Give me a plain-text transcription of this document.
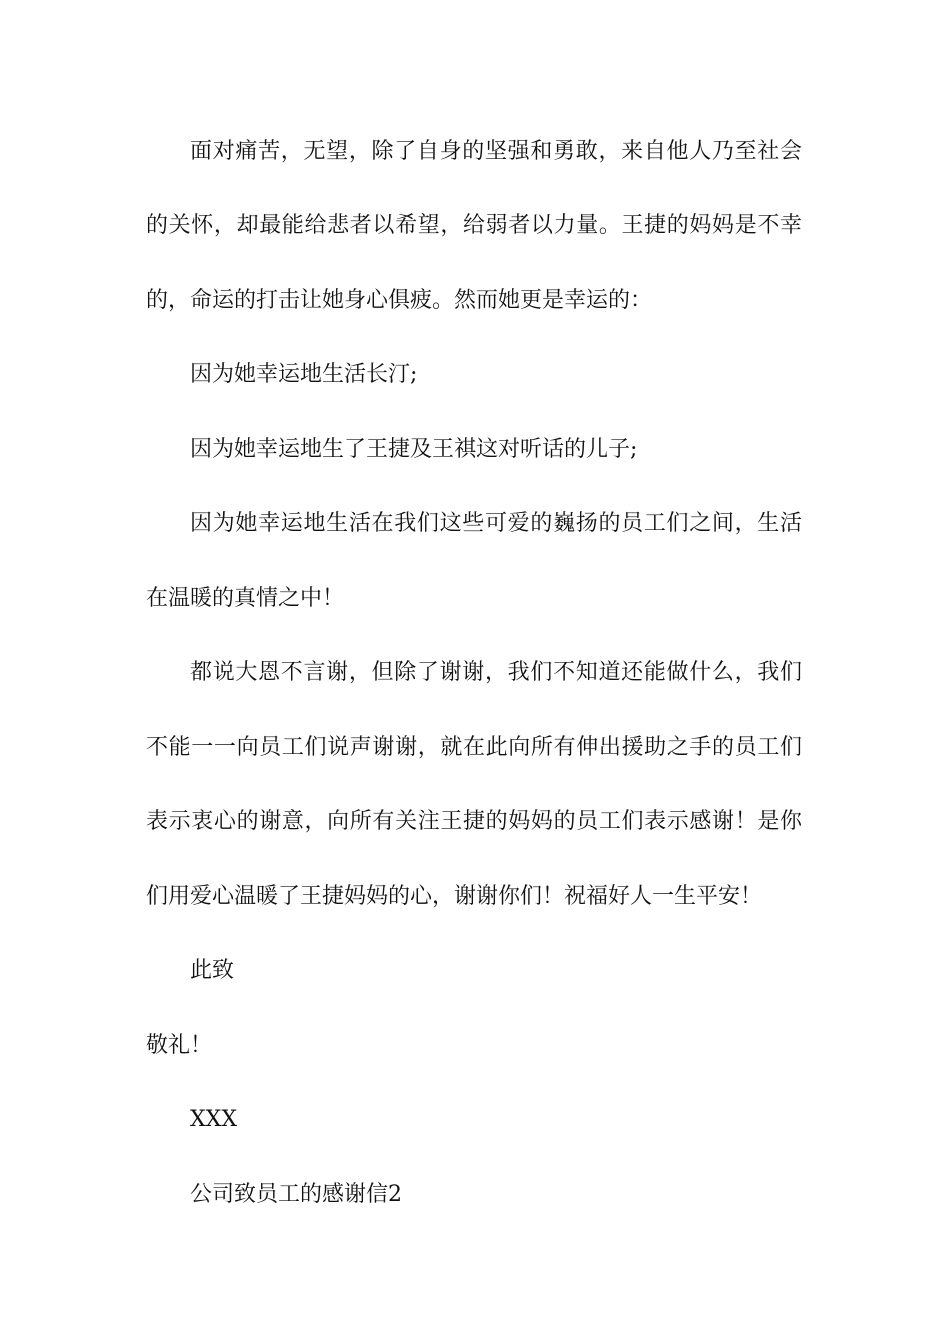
面对痛苦，无望，除了自身的坚强和勇敢，来自他人乃至社会
的关怀，却最能给悲者以希望，给弱者以力量。王捷的妈妈是不幸
的，命运的打击让她身心俱疲。然而她更是幸运的：
因为她幸运地生活长汀;
因为她幸运地生了王捷及王祺这对听话的儿子;
因为她幸运地生活在我们这些可爱的巍扬的员工们之间，生活
在温暖的真情之中！
都说大恩不言谢，但除了谢谢，我们不知道还能做什么，我们
不能一一向员工们说声谢谢，就在此向所有伸出援助之手的员工们
表示衷心的谢意，向所有关注王捷的妈妈的员工们表示感谢！是你
们用爱心温暖了王捷妈妈的心，谢谢你们！祝福好人一生平安！
此致
敬礼！
XXX
公司致员工的感谢信2
